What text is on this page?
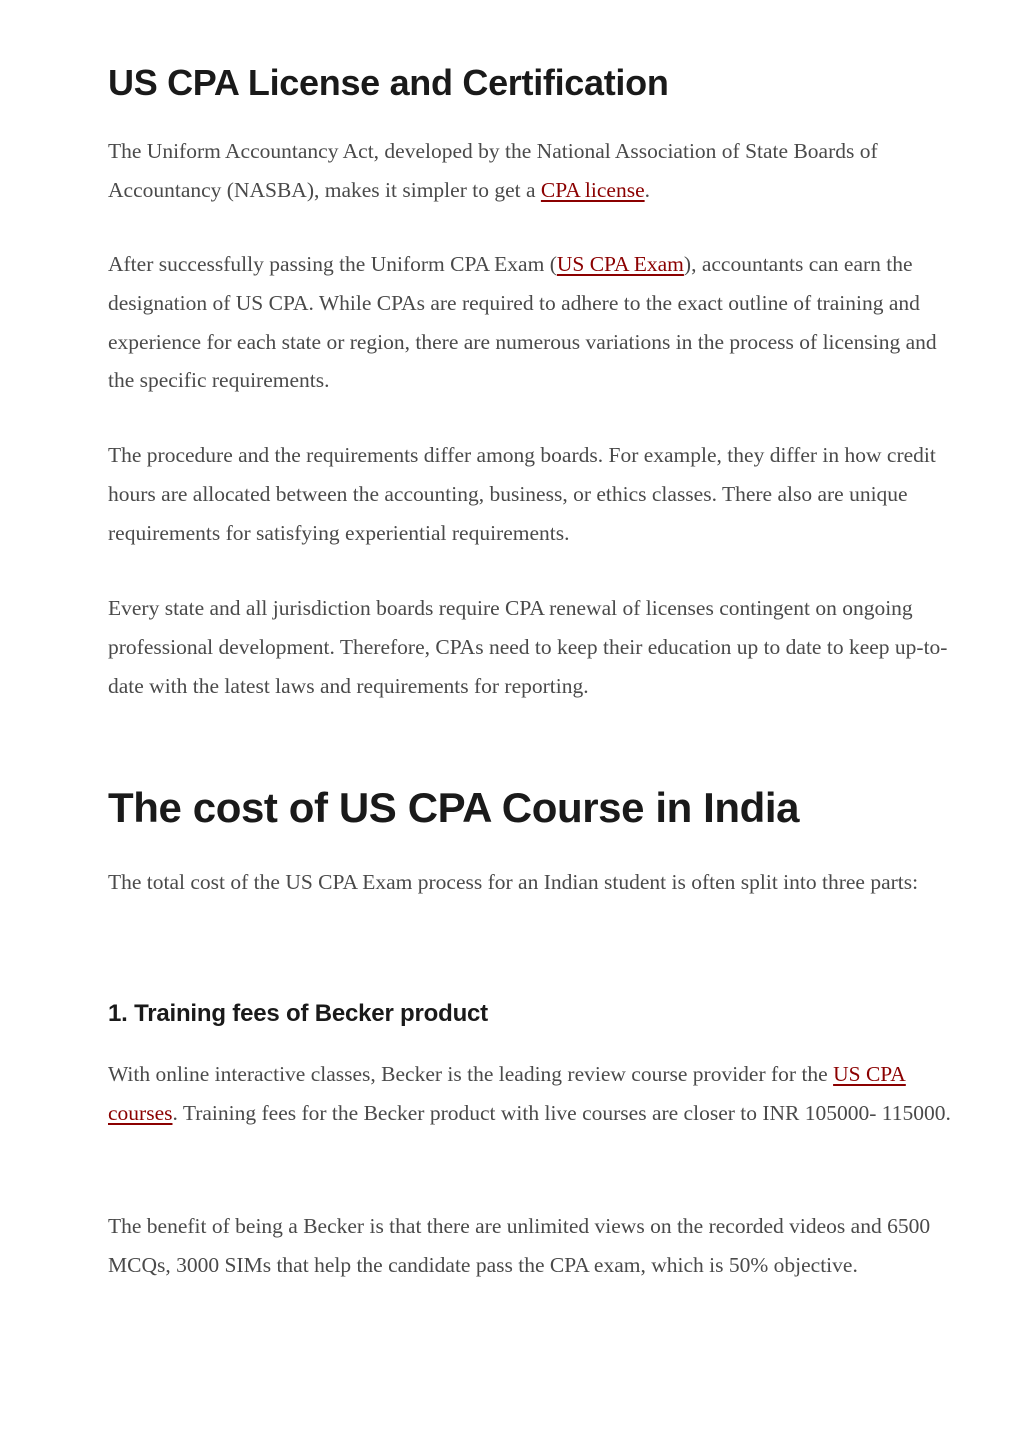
US CPA License and Certification

The Uniform Accountancy Act, developed by the National Association of State Boards of Accountancy (NASBA), makes it simpler to get a CPA license.

After successfully passing the Uniform CPA Exam (US CPA Exam), accountants can earn the designation of US CPA. While CPAs are required to adhere to the exact outline of training and experience for each state or region, there are numerous variations in the process of licensing and the specific requirements.

The procedure and the requirements differ among boards. For example, they differ in how credit hours are allocated between the accounting, business, or ethics classes. There also are unique requirements for satisfying experiential requirements.

Every state and all jurisdiction boards require CPA renewal of licenses contingent on ongoing professional development. Therefore, CPAs need to keep their education up to date to keep up-to-date with the latest laws and requirements for reporting.

The cost of US CPA Course in India

The total cost of the US CPA Exam process for an Indian student is often split into three parts:

1. Training fees of Becker product

With online interactive classes, Becker is the leading review course provider for the US CPA courses. Training fees for the Becker product with live courses are closer to INR 105000- 115000.

The benefit of being a Becker is that there are unlimited views on the recorded videos and 6500 MCQs, 3000 SIMs that help the candidate pass the CPA exam, which is 50% objective.
